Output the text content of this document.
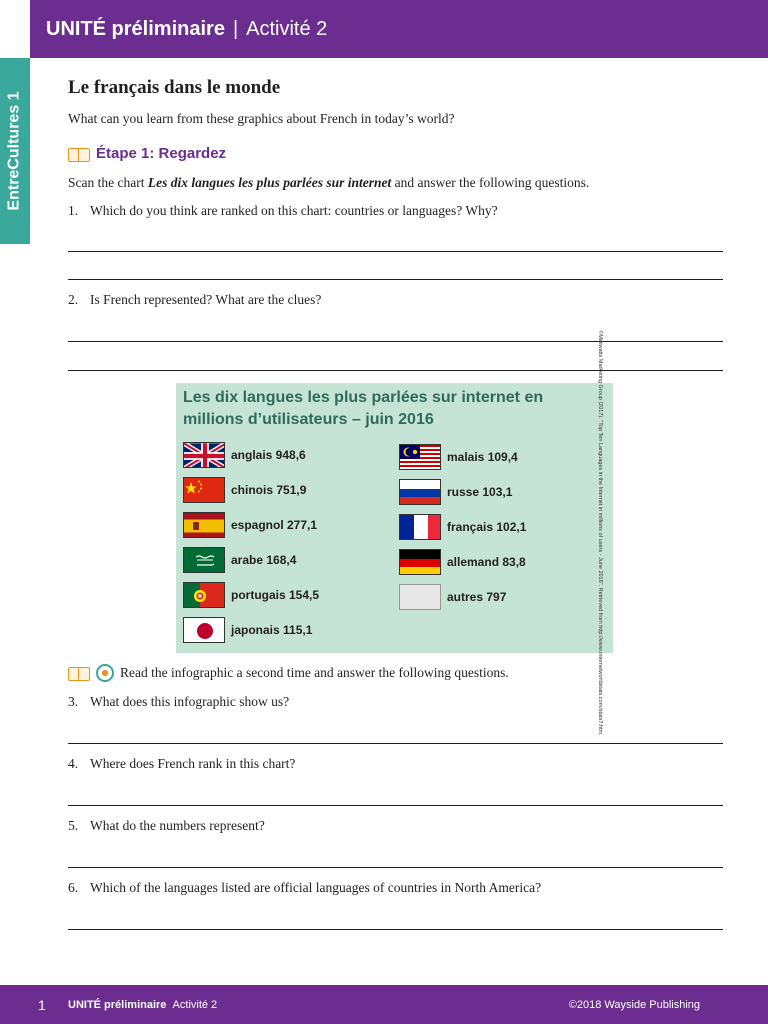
UNITÉ préliminaire | Activité 2
EntreCultures 1
Le français dans le monde
What can you learn from these graphics about French in today’s world?
Étape 1: Regardez
Scan the chart Les dix langues les plus parlées sur internet and answer the following questions.
1. Which do you think are ranked on this chart: countries or languages? Why?
2. Is French represented? What are the clues?
Les dix langues les plus parlées sur internet en millions d’utilisateurs – juin 2016
anglais 948,6
chinois 751,9
espagnol 277,1
arabe 168,4
portugais 154,5
japonais 115,1
malais 109,4
russe 103,1
français 102,1
allemand 83,8
autres 797	©Miniwatts Marketing Group (2017). "Top Ten Languages in the Internet in millions of users - June 2016". Retrieved from http://www.internetworldstats.com/stats7.htm.
Read the infographic a second time and answer the following questions.
3. What does this infographic show us?
4. Where does French rank in this chart?
5. What do the numbers represent?
6. Which of the languages listed are official languages of countries in North America?
1 UNITÉ préliminaire Activité 2	©2018 Wayside Publishing
